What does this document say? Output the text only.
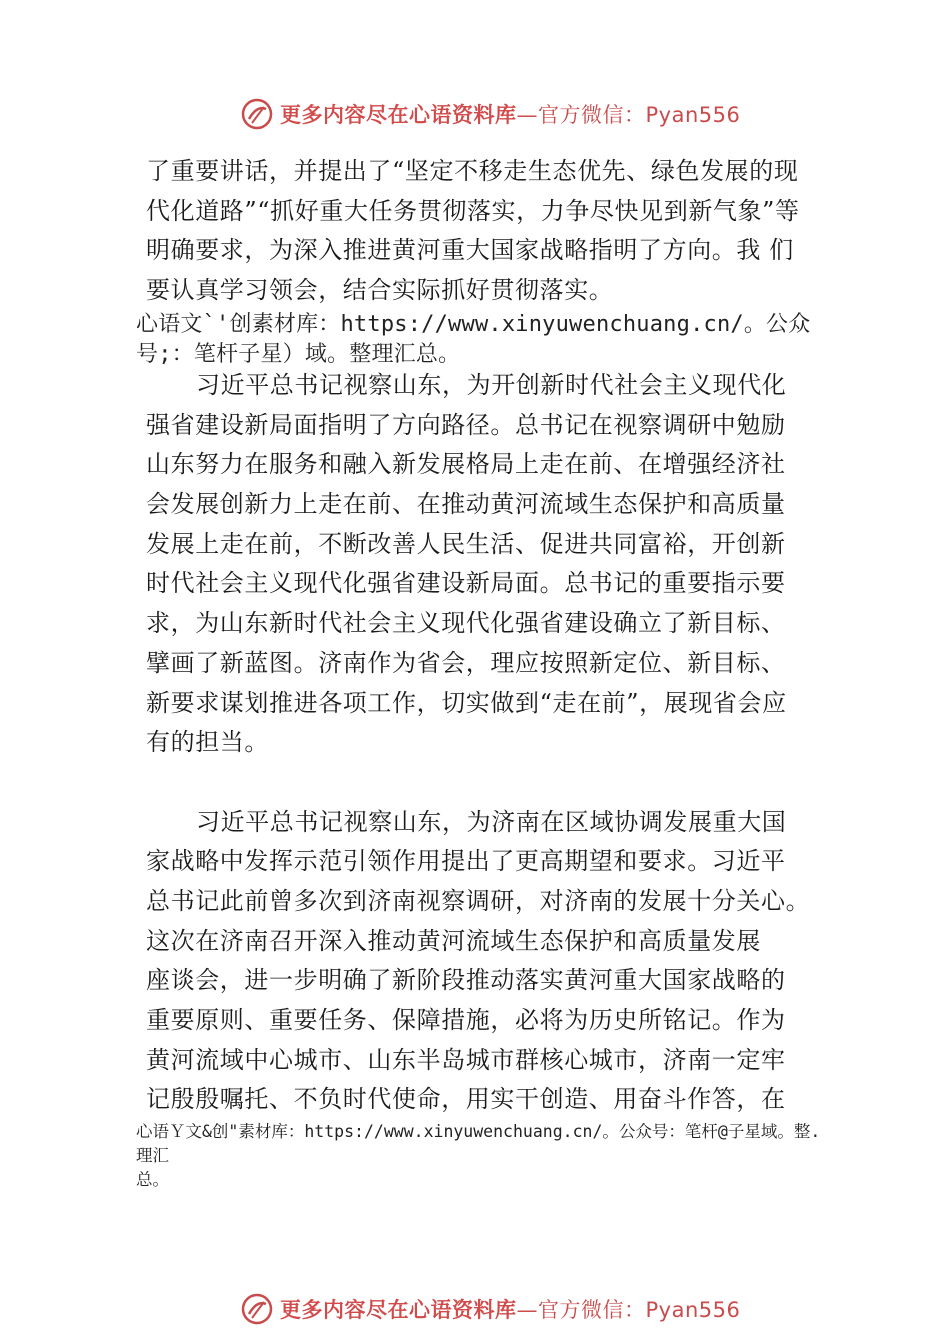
更多内容尽在心语资料库—官方微信：Pyan556
了重要讲话，并提出了“坚定不移走生态优先、绿色发展的现
代化道路”“抓好重大任务贯彻落实，力争尽快见到新气象”等
明确要求，为深入推进黄河重大国家战略指明了方向。我 们
要认真学习领会，结合实际抓好贯彻落实。
心语文`'创素材库：https://www.xinyuwenchuang.cn/。公众
号;：笔杆子星）域。整理汇总。
习近平总书记视察山东，为开创新时代社会主义现代化
强省建设新局面指明了方向路径。总书记在视察调研中勉励
山东努力在服务和融入新发展格局上走在前、在增强经济社
会发展创新力上走在前、在推动黄河流域生态保护和高质量
发展上走在前，不断改善人民生活、促进共同富裕，开创新
时代社会主义现代化强省建设新局面。总书记的重要指示要
求，为山东新时代社会主义现代化强省建设确立了新目标、
擘画了新蓝图。济南作为省会，理应按照新定位、新目标、
新要求谋划推进各项工作，切实做到“走在前”，展现省会应
有的担当。
习近平总书记视察山东，为济南在区域协调发展重大国
家战略中发挥示范引领作用提出了更高期望和要求。习近平
总书记此前曾多次到济南视察调研，对济南的发展十分关心。
这次在济南召开深入推动黄河流域生态保护和高质量发展
座谈会，进一步明确了新阶段推动落实黄河重大国家战略的
重要原则、重要任务、保障措施，必将为历史所铭记。作为
黄河流域中心城市、山东半岛城市群核心城市，济南一定牢
记殷殷嘱托、不负时代使命，用实干创造、用奋斗作答，在
心语Ｙ文&创"素材库：https://www.xinyuwenchuang.cn/。公众号：笔杆@子星域。整.理汇
总。
更多内容尽在心语资料库—官方微信：Pyan556
